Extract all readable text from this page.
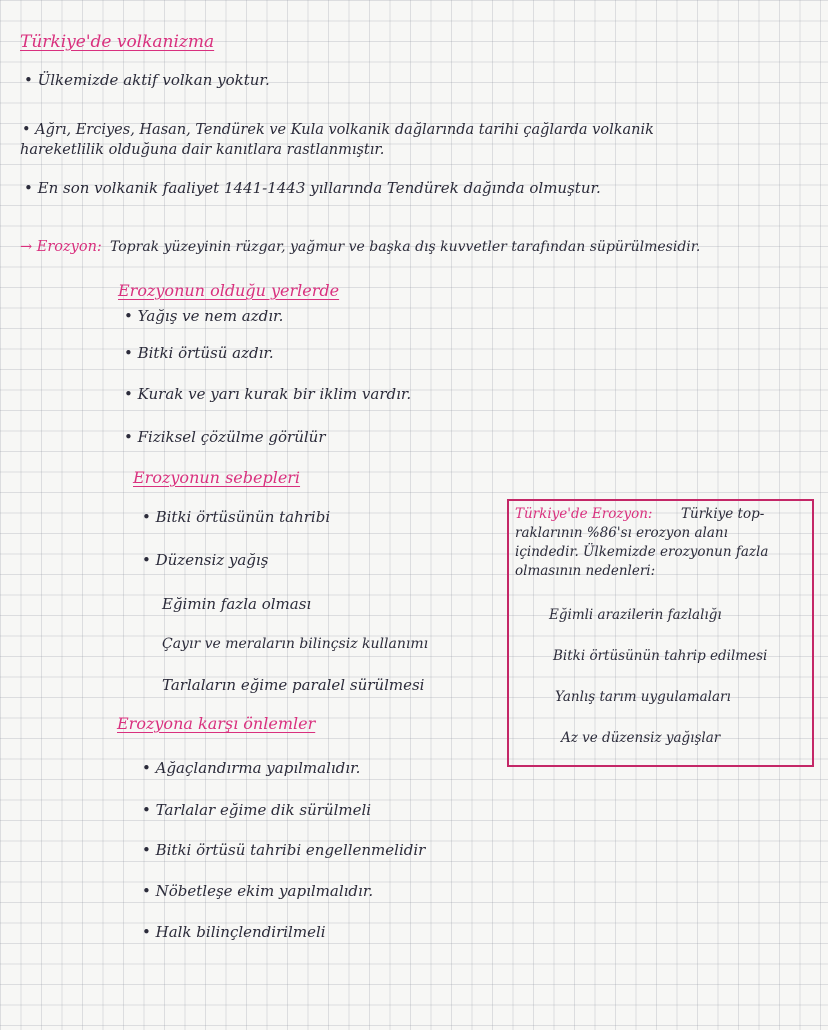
Türkiye'de volkanizma
• Ülkemizde aktif volkan yoktur.
• Ağrı, Erciyes, Hasan, Tendürek ve Kula volkanik dağlarında tarihi çağlarda volkanik
hareketlilik olduğuna dair kanıtlara rastlanmıştır.
• En son volkanik faaliyet 1441-1443 yıllarında Tendürek dağında olmuştur.
→ Erozyon: Toprak yüzeyinin rüzgar, yağmur ve başka dış kuvvetler tarafından süpürülmesidir.
Erozyonun olduğu yerlerde
• Yağış ve nem azdır.
• Bitki örtüsü azdır.
• Kurak ve yarı kurak bir iklim vardır.
• Fiziksel çözülme görülür
Erozyonun sebepleri
• Bitki örtüsünün tahribi
• Düzensiz yağış
Eğimin fazla olması
Çayır ve meraların bilinçsiz kullanımı
Tarlaların eğime paralel sürülmesi
Erozyona karşı önlemler
• Ağaçlandırma yapılmalıdır.
• Tarlalar eğime dik sürülmeli
• Bitki örtüsü tahribi engellenmelidir
• Nöbetleşe ekim yapılmalıdır.
• Halk bilinçlendirilmeli
Türkiye'de Erozyon: Türkiye top-
raklarının %86'sı erozyon alanı
içindedir. Ülkemizde erozyonun fazla
olmasının nedenleri:
Eğimli arazilerin fazlalığı
Bitki örtüsünün tahrip edilmesi
Yanlış tarım uygulamaları
Az ve düzensiz yağışlar
